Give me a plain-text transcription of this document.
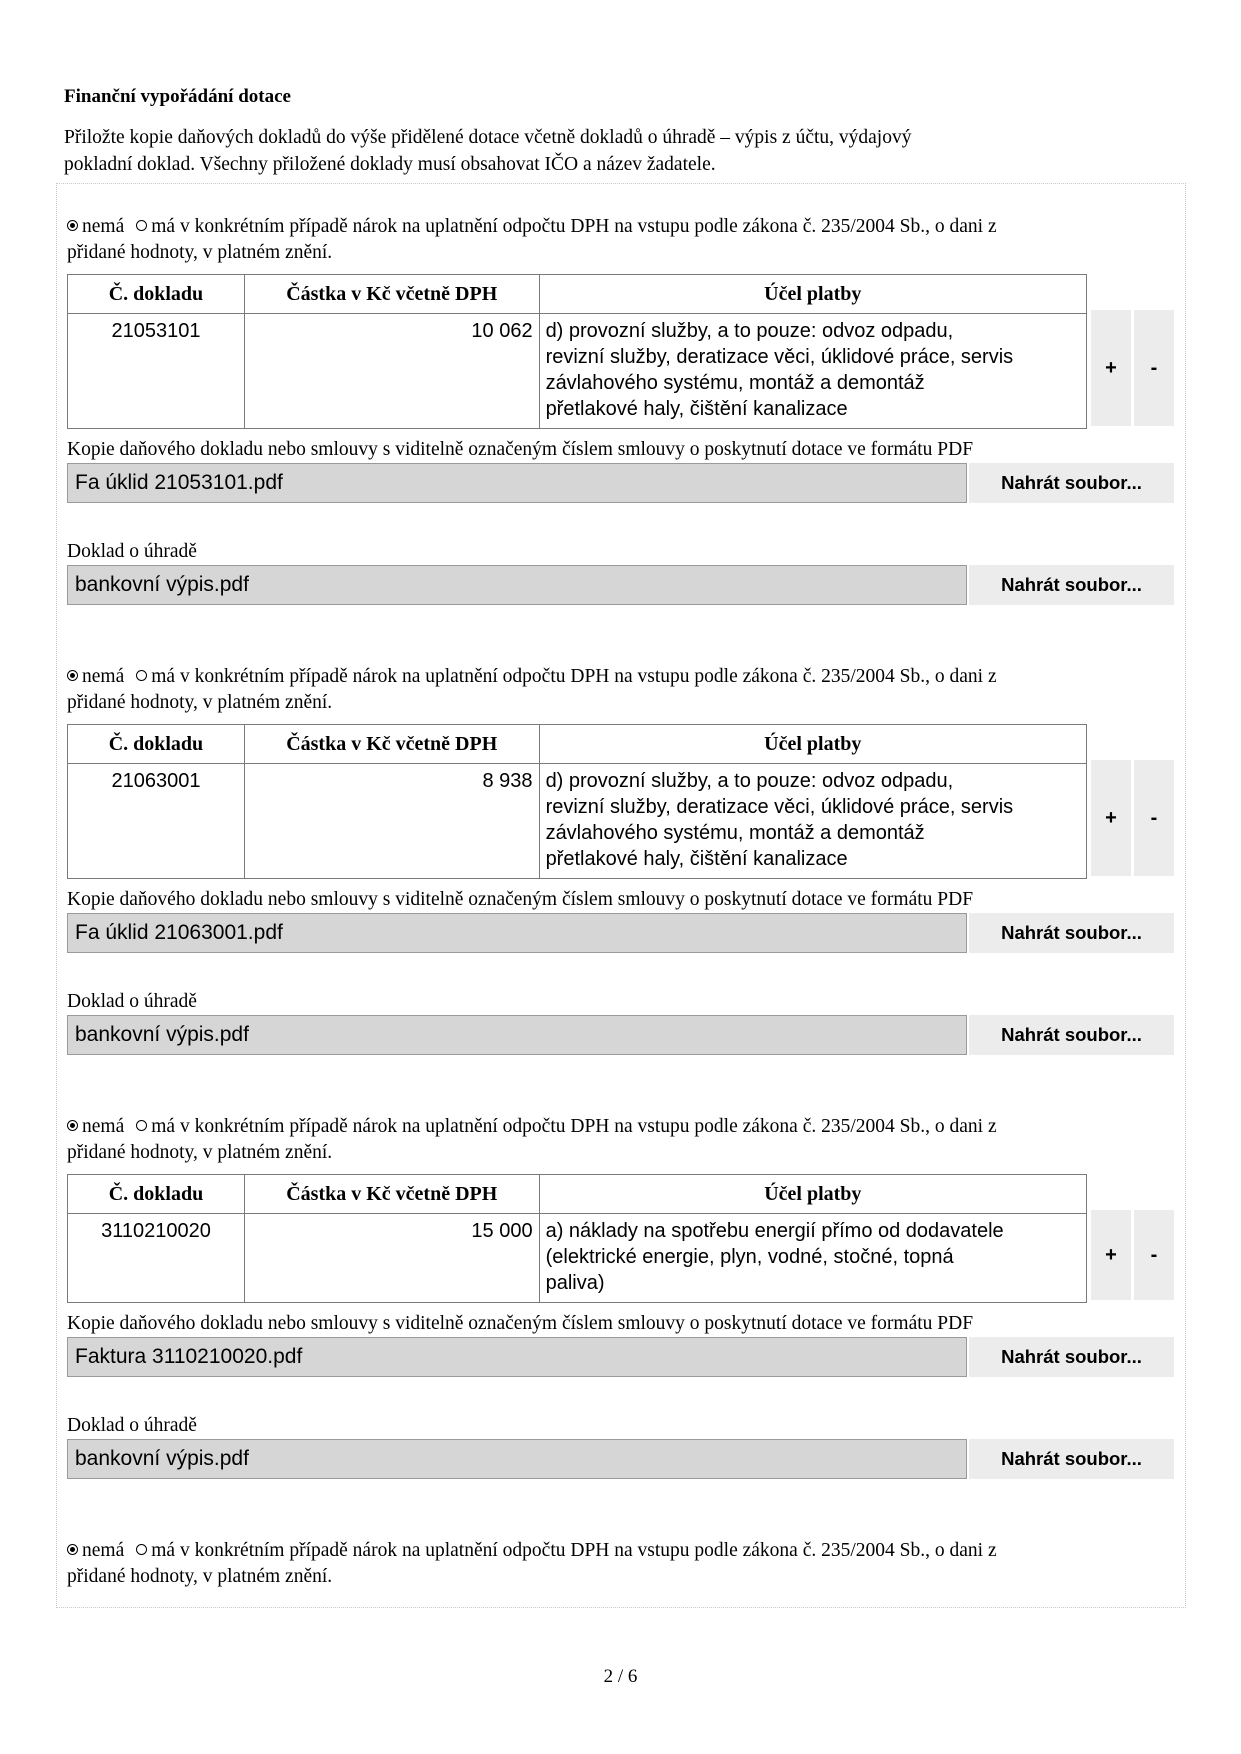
Finanční vypořádání dotace
Přiložte kopie daňových dokladů do výše přidělené dotace včetně dokladů o úhradě – výpis z účtu, výdajový
pokladní doklad. Všechny přiložené doklady musí obsahovat IČO a název žadatele.
nemá má v konkrétním případě nárok na uplatnění odpočtu DPH na vstupu podle zákona č. 235/2004 Sb., o dani z
přidané hodnoty, v platném znění.
Č. dokladu	Částka v Kč včetně DPH	Účel platby
21053101	10 062	d) provozní služby, a to pouze: odvoz odpadu,
revizní služby, deratizace věci, úklidové práce, servis
závlahového systému, montáž a demontáž
přetlakové haly, čištění kanalizace
+	-
Kopie daňového dokladu nebo smlouvy s viditelně označeným číslem smlouvy o poskytnutí dotace ve formátu PDF
Fa úklid 21053101.pdf	Nahrát soubor...
Doklad o úhradě
bankovní výpis.pdf	Nahrát soubor...
nemá má v konkrétním případě nárok na uplatnění odpočtu DPH na vstupu podle zákona č. 235/2004 Sb., o dani z
přidané hodnoty, v platném znění.
Č. dokladu	Částka v Kč včetně DPH	Účel platby
21063001	8 938	d) provozní služby, a to pouze: odvoz odpadu,
revizní služby, deratizace věci, úklidové práce, servis
závlahového systému, montáž a demontáž
přetlakové haly, čištění kanalizace
+	-
Kopie daňového dokladu nebo smlouvy s viditelně označeným číslem smlouvy o poskytnutí dotace ve formátu PDF
Fa úklid 21063001.pdf	Nahrát soubor...
Doklad o úhradě
bankovní výpis.pdf	Nahrát soubor...
nemá má v konkrétním případě nárok na uplatnění odpočtu DPH na vstupu podle zákona č. 235/2004 Sb., o dani z
přidané hodnoty, v platném znění.
Č. dokladu	Částka v Kč včetně DPH	Účel platby
3110210020	15 000	a) náklady na spotřebu energií přímo od dodavatele
(elektrické energie, plyn, vodné, stočné, topná
paliva)
+	-
Kopie daňového dokladu nebo smlouvy s viditelně označeným číslem smlouvy o poskytnutí dotace ve formátu PDF
Faktura 3110210020.pdf	Nahrát soubor...
Doklad o úhradě
bankovní výpis.pdf	Nahrát soubor...
nemá má v konkrétním případě nárok na uplatnění odpočtu DPH na vstupu podle zákona č. 235/2004 Sb., o dani z
přidané hodnoty, v platném znění.
2 / 6
